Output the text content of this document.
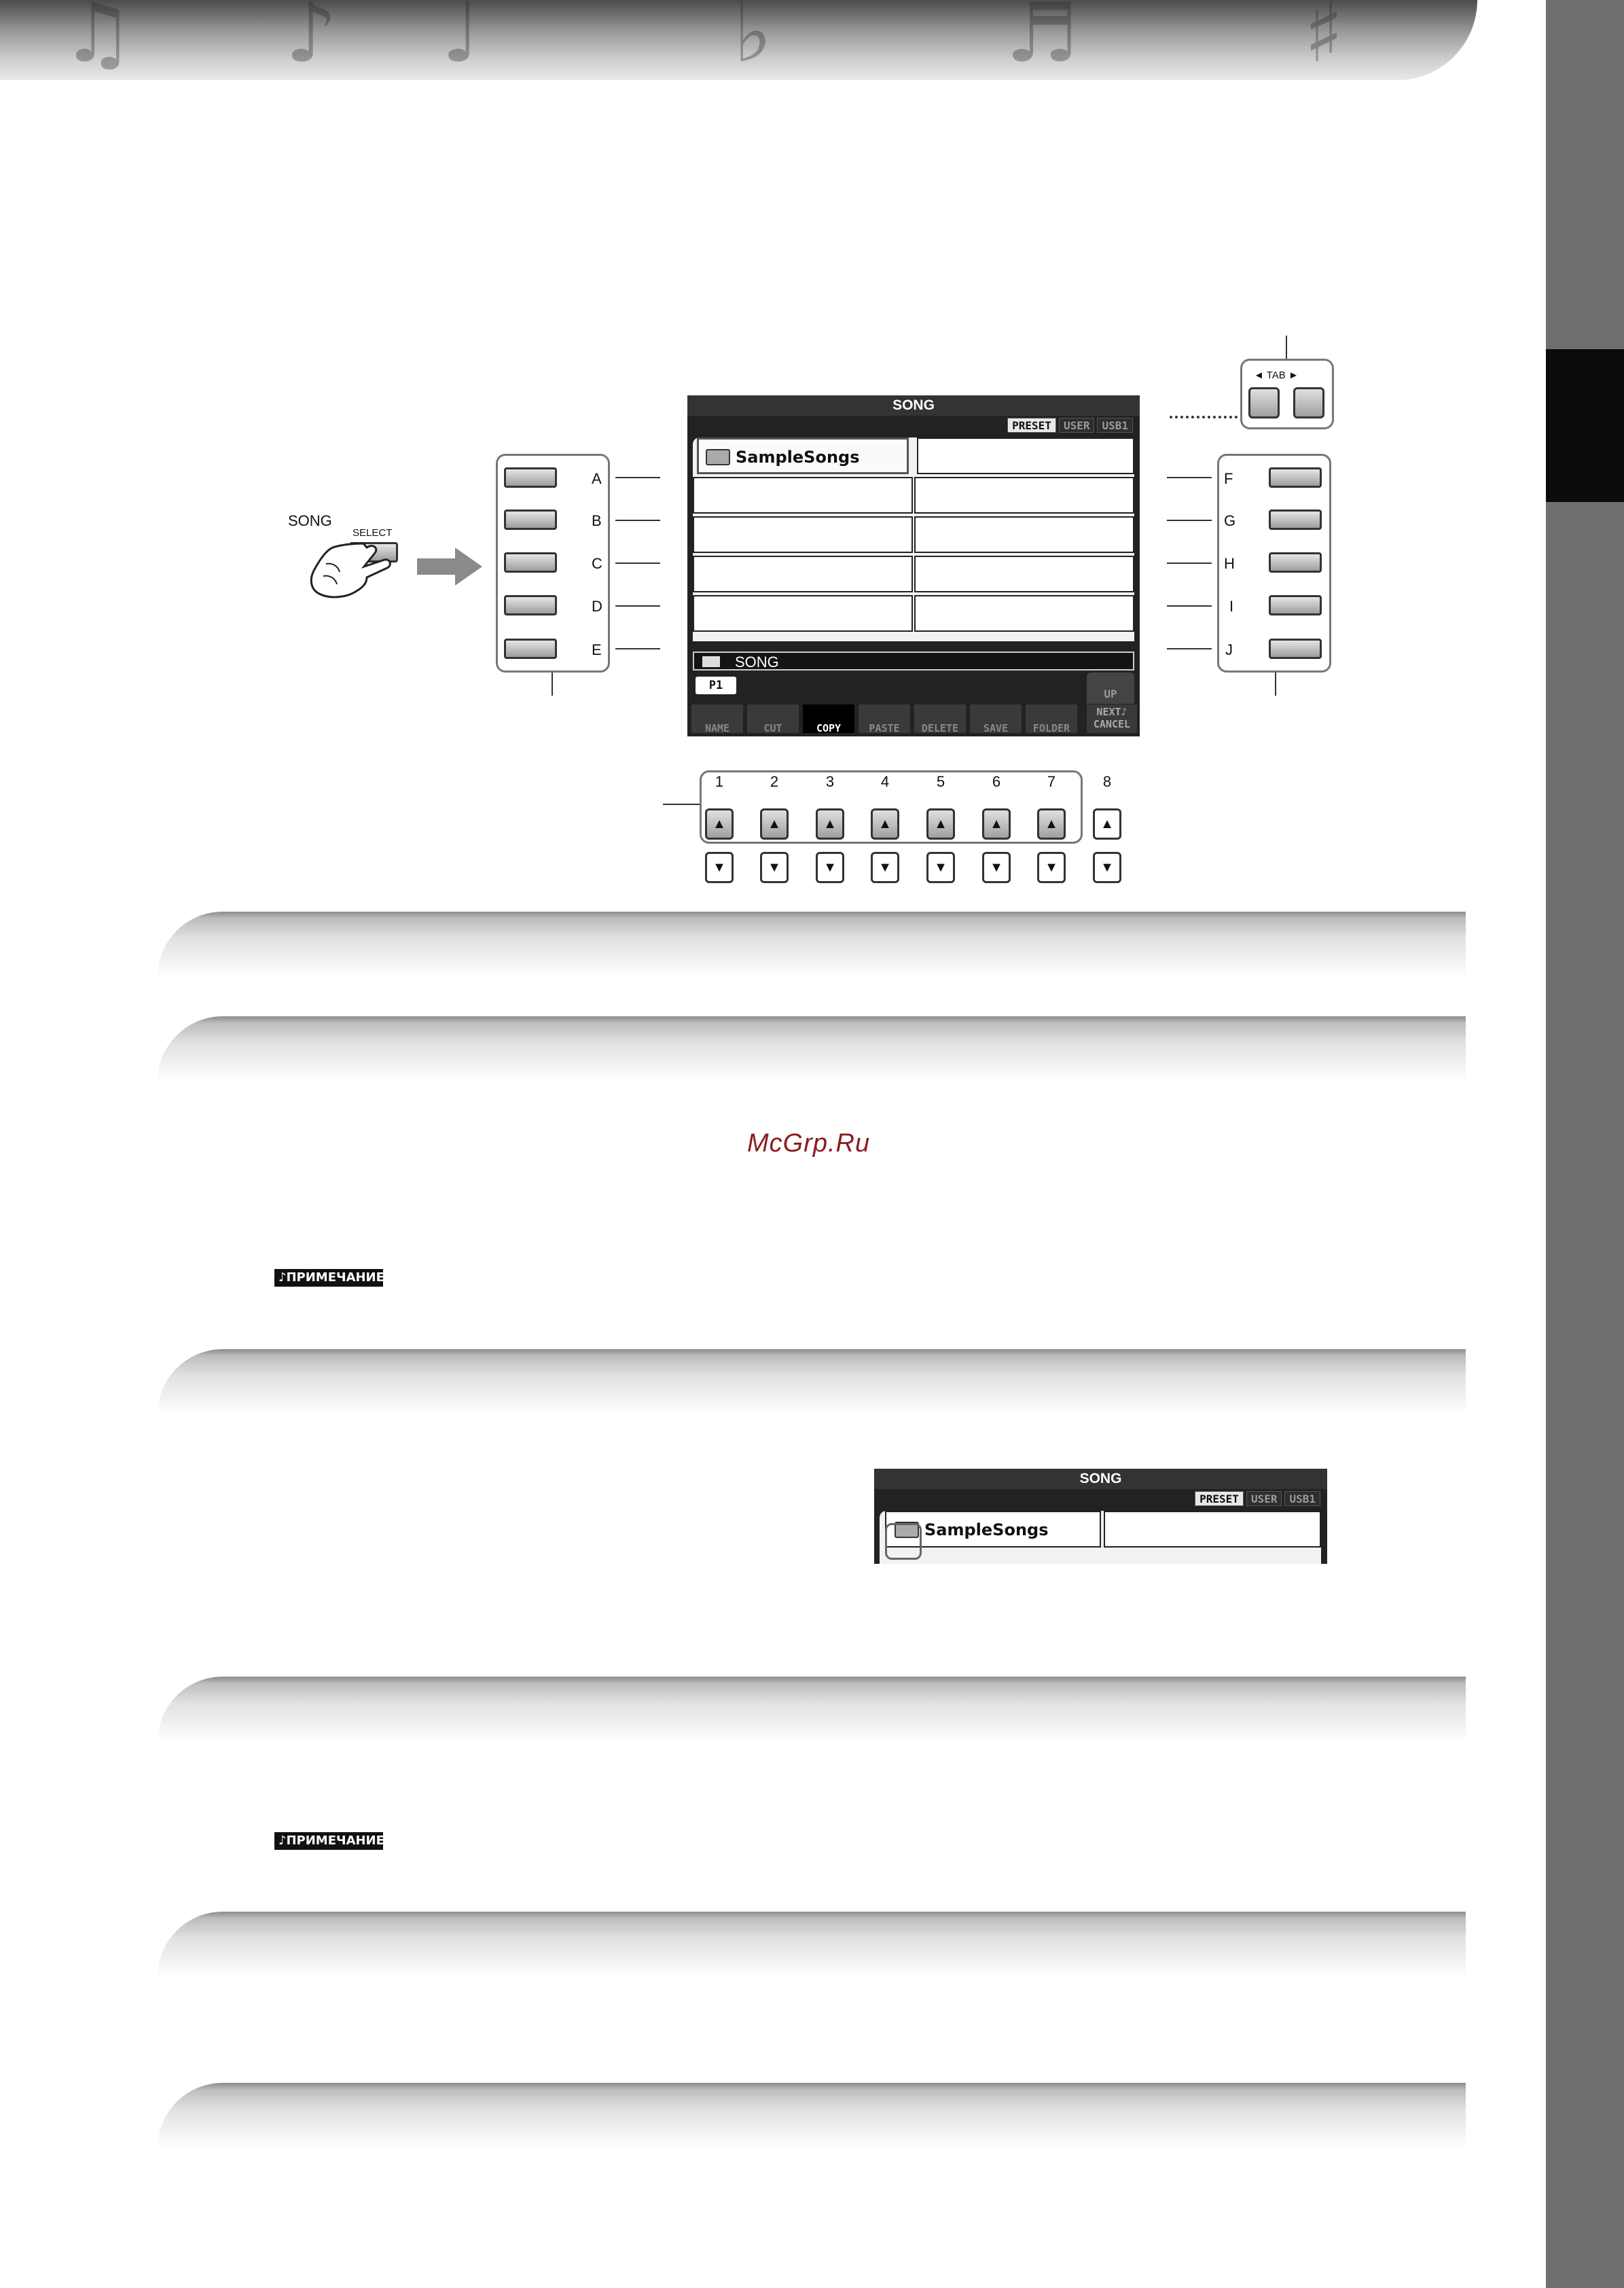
♫ ♪ ♩	♭	♬	♯
SONG
SELECT
A
B
C
D
E
F
G
H
I
J
◄ TAB ►
SONG
PRESET	USER	USB1
SampleSongs
SONG
P1
UP
NAME	CUT	COPY	PASTE	DELETE	SAVE	FOLDER
NEXT♪
CANCEL
1	2	3	4	5	6	7	8
▲	▲	▲	▲	▲	▲	▲	▲
▼	▼	▼	▼	▼	▼	▼	▼
McGrp.Ru
♪ПРИМЕЧАНИЕ
SONG
PRESET	USER	USB1
SampleSongs
♪ПРИМЕЧАНИЕ
